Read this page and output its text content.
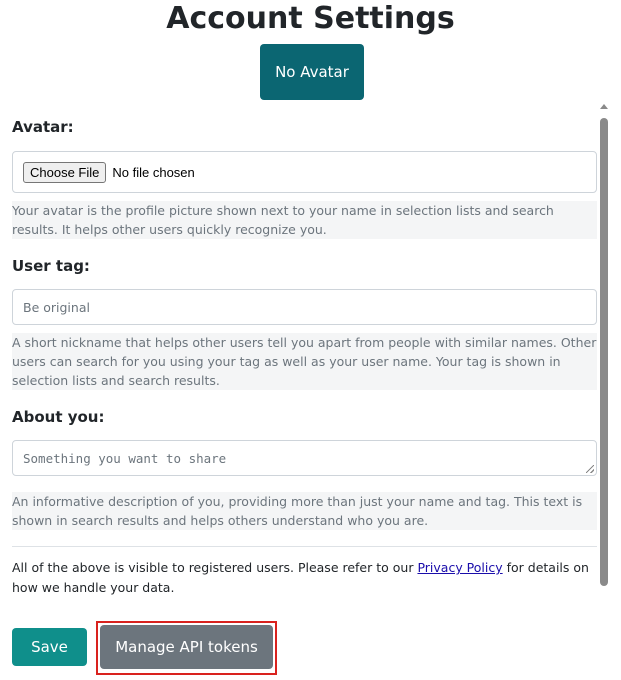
Account Settings
No Avatar
Avatar:
Choose File	No file chosen
Your avatar is the profile picture shown next to your name in selection lists and search results. It helps other users quickly recognize you.
User tag:
Be original
A short nickname that helps other users tell you apart from people with similar names. Other users can search for you using your tag as well as your user name. Your tag is shown in selection lists and search results.
About you:
Something you want to share
An informative description of you, providing more than just your name and tag. This text is shown in search results and helps others understand who you are.
All of the above is visible to registered users. Please refer to our Privacy Policy for details on how we handle your data.
Save	Manage API tokens
